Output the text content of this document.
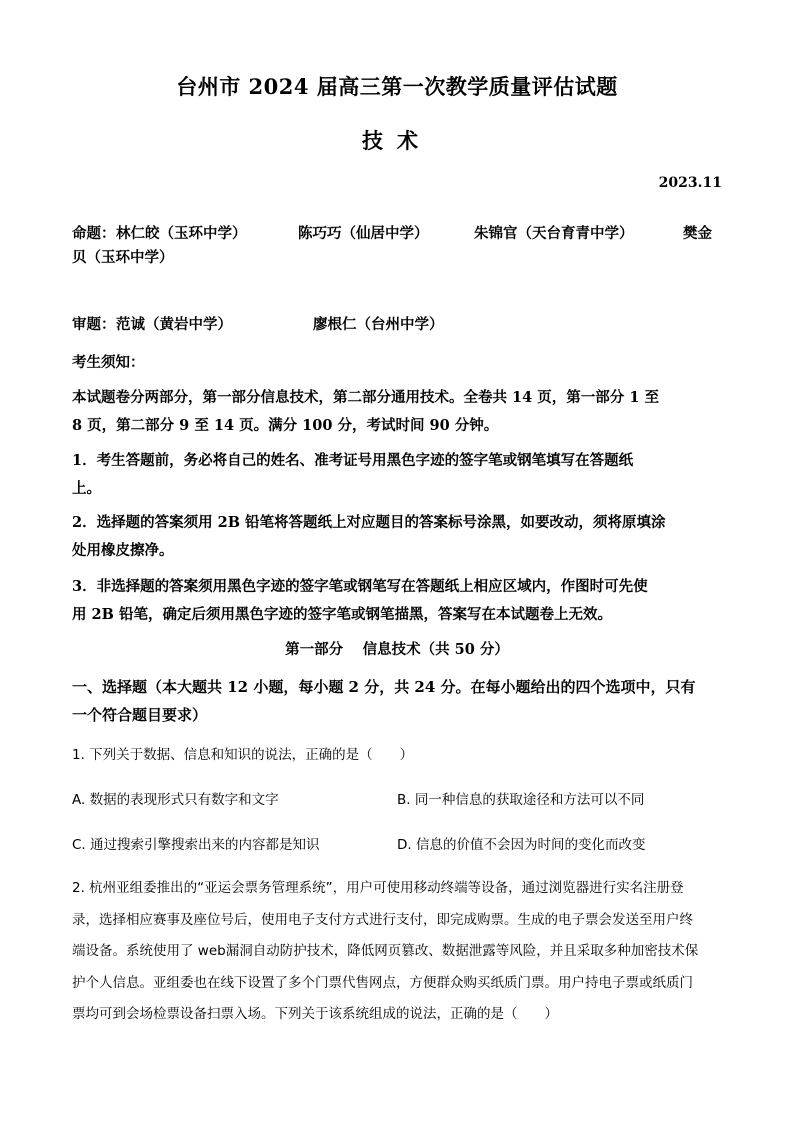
台州市 2024 届高三第一次教学质量评估试题
技术
2023.11
命题： 林仁皎（玉环中学）	陈巧巧（仙居中学）	朱锦官（天台育青中学）	樊金
贝（玉环中学）
审题： 范诚（黄岩中学）	廖根仁（台州中学）
考生须知：
本试题卷分两部分，第一部分信息技术，第二部分通用技术。全卷共 14 页，第一部分 1 至
8 页，第二部分 9 至 14 页。满分 100 分，考试时间 90 分钟。
1．考生答题前，务必将自己的姓名、准考证号用黑色字迹的签字笔或钢笔填写在答题纸
上。
2．选择题的答案须用 2B 铅笔将答题纸上对应题目的答案标号涂黑，如要改动，须将原填涂
处用橡皮擦净。
3．非选择题的答案须用黑色字迹的签字笔或钢笔写在答题纸上相应区域内，作图时可先使
用 2B 铅笔，确定后须用黑色字迹的签字笔或钢笔描黑，答案写在本试题卷上无效。
第一部分　 信息技术（共 50 分）
一、选择题（本大题共 12 小题，每小题 2 分，共 24 分。在每小题给出的四个选项中，只有
一个符合题目要求）
1. 下列关于数据、信息和知识的说法，正确的是（　　）
A. 数据的表现形式只有数字和文字	B. 同一种信息的获取途径和方法可以不同
C. 通过搜索引擎搜索出来的内容都是知识	D. 信息的价值不会因为时间的变化而改变
2. 杭州亚组委推出的“亚运会票务管理系统”，用户可使用移动终端等设备，通过浏览器进行实名注册登
录，选择相应赛事及座位号后，使用电子支付方式进行支付，即完成购票。生成的电子票会发送至用户终
端设备。系统使用了 web漏洞自动防护技术，降低网页篡改、数据泄露等风险，并且采取多种加密技术保
护个人信息。亚组委也在线下设置了多个门票代售网点，方便群众购买纸质门票。用户持电子票或纸质门
票均可到会场检票设备扫票入场。下列关于该系统组成的说法，正确的是（　　）
